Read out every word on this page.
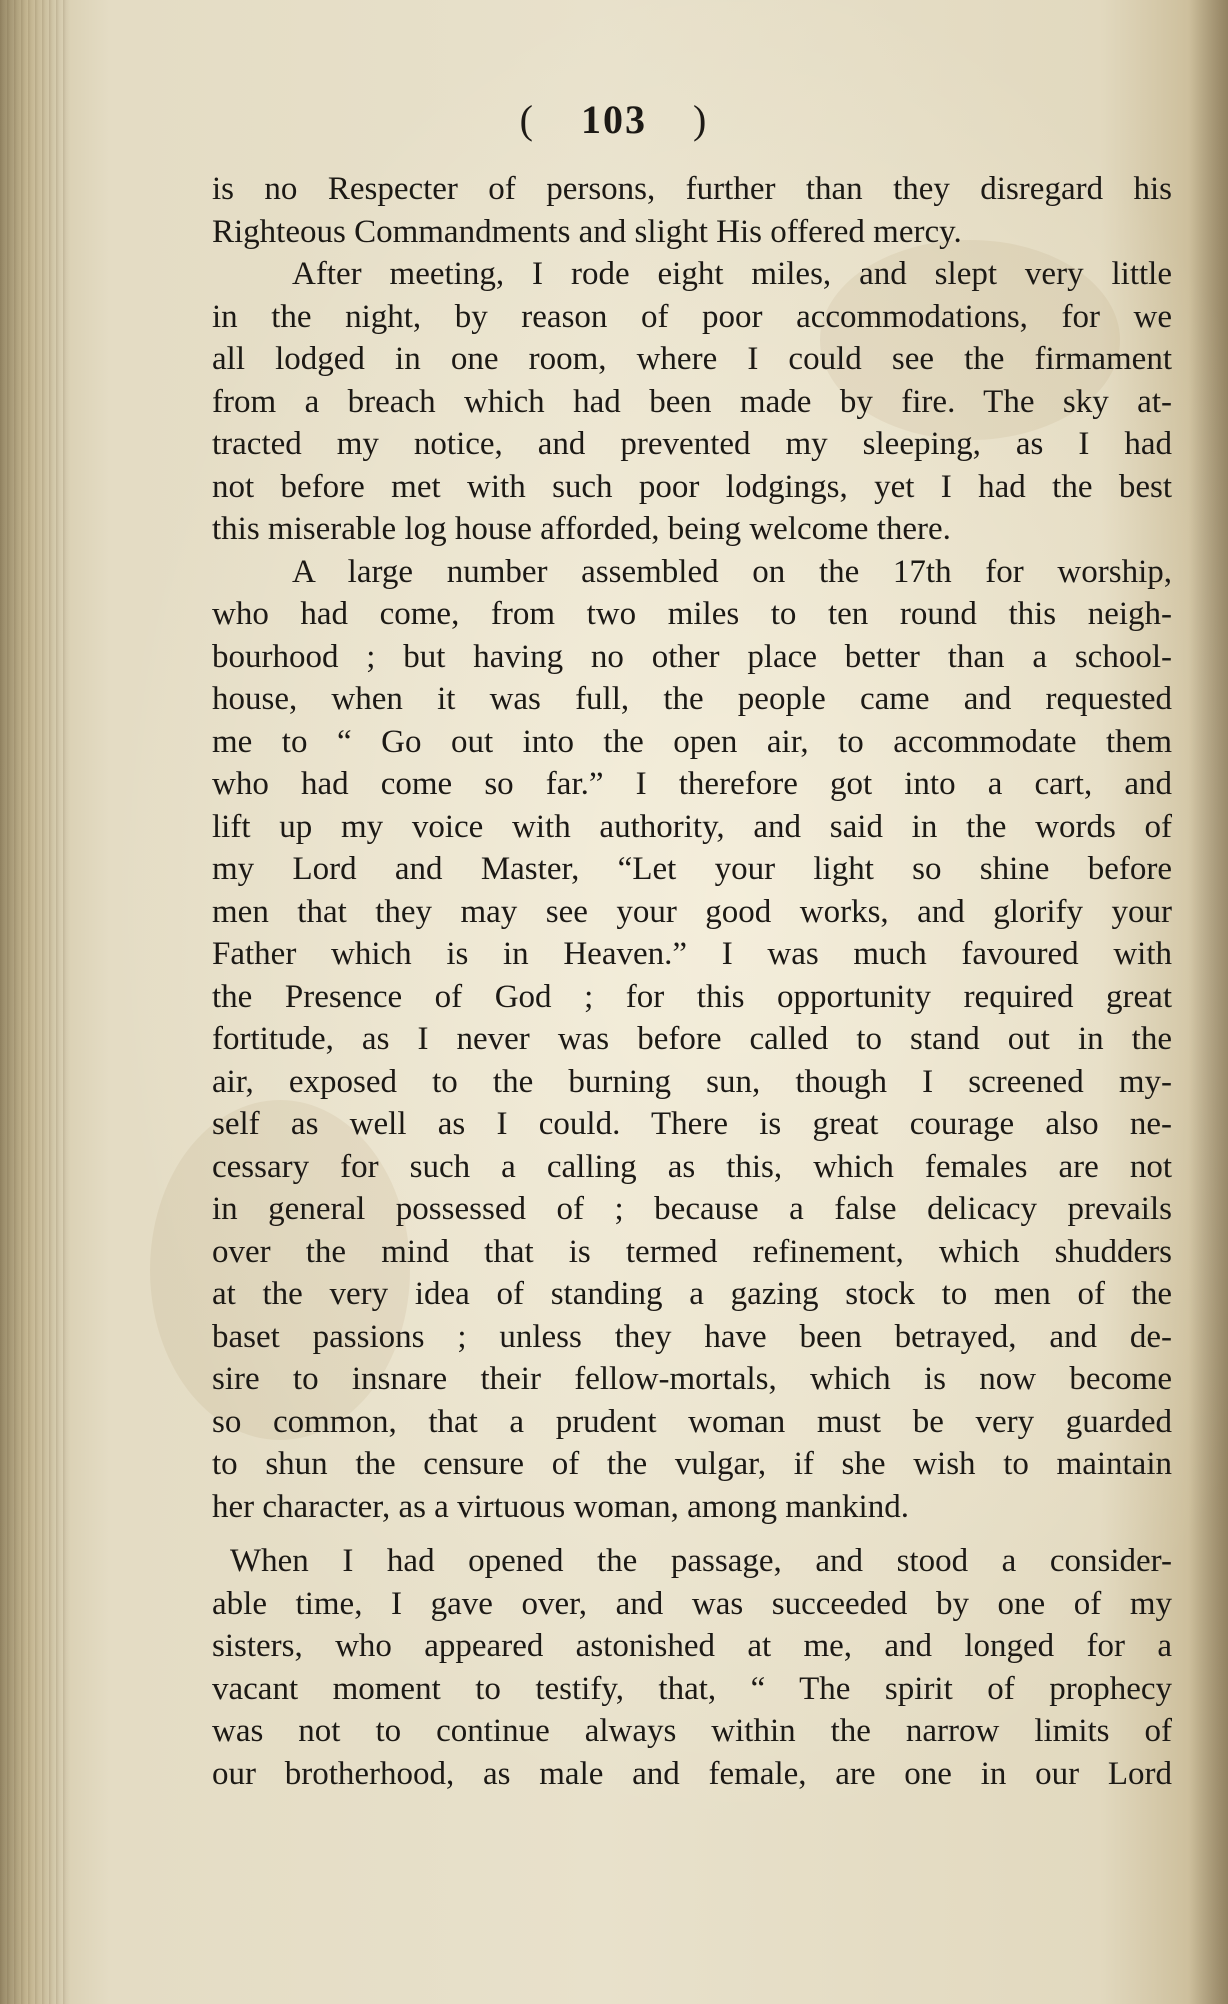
( 103 )
is no Respecter of persons, further than they disregard his
Righteous Commandments and slight His offered mercy.
After meeting, I rode eight miles, and slept very little
in the night, by reason of poor accommodations, for we
all lodged in one room, where I could see the firmament
from a breach which had been made by fire. The sky at-
tracted my notice, and prevented my sleeping, as I had
not before met with such poor lodgings, yet I had the best
this miserable log house afforded, being welcome there.
A large number assembled on the 17th for worship,
who had come, from two miles to ten round this neigh-
bourhood ; but having no other place better than a school-
house, when it was full, the people came and requested
me to “ Go out into the open air, to accommodate them
who had come so far.” I therefore got into a cart, and
lift up my voice with authority, and said in the words of
my Lord and Master, “Let your light so shine before
men that they may see your good works, and glorify your
Father which is in Heaven.” I was much favoured with
the Presence of God ; for this opportunity required great
fortitude, as I never was before called to stand out in the
air, exposed to the burning sun, though I screened my-
self as well as I could. There is great courage also ne-
cessary for such a calling as this, which females are not
in general possessed of ; because a false delicacy prevails
over the mind that is termed refinement, which shudders
at the very idea of standing a gazing stock to men of the
baset passions ; unless they have been betrayed, and de-
sire to insnare their fellow-mortals, which is now become
so common, that a prudent woman must be very guarded
to shun the censure of the vulgar, if she wish to maintain
her character, as a virtuous woman, among mankind.
When I had opened the passage, and stood a consider-
able time, I gave over, and was succeeded by one of my
sisters, who appeared astonished at me, and longed for a
vacant moment to testify, that, “ The spirit of prophecy
was not to continue always within the narrow limits of
our brotherhood, as male and female, are one in our Lord
